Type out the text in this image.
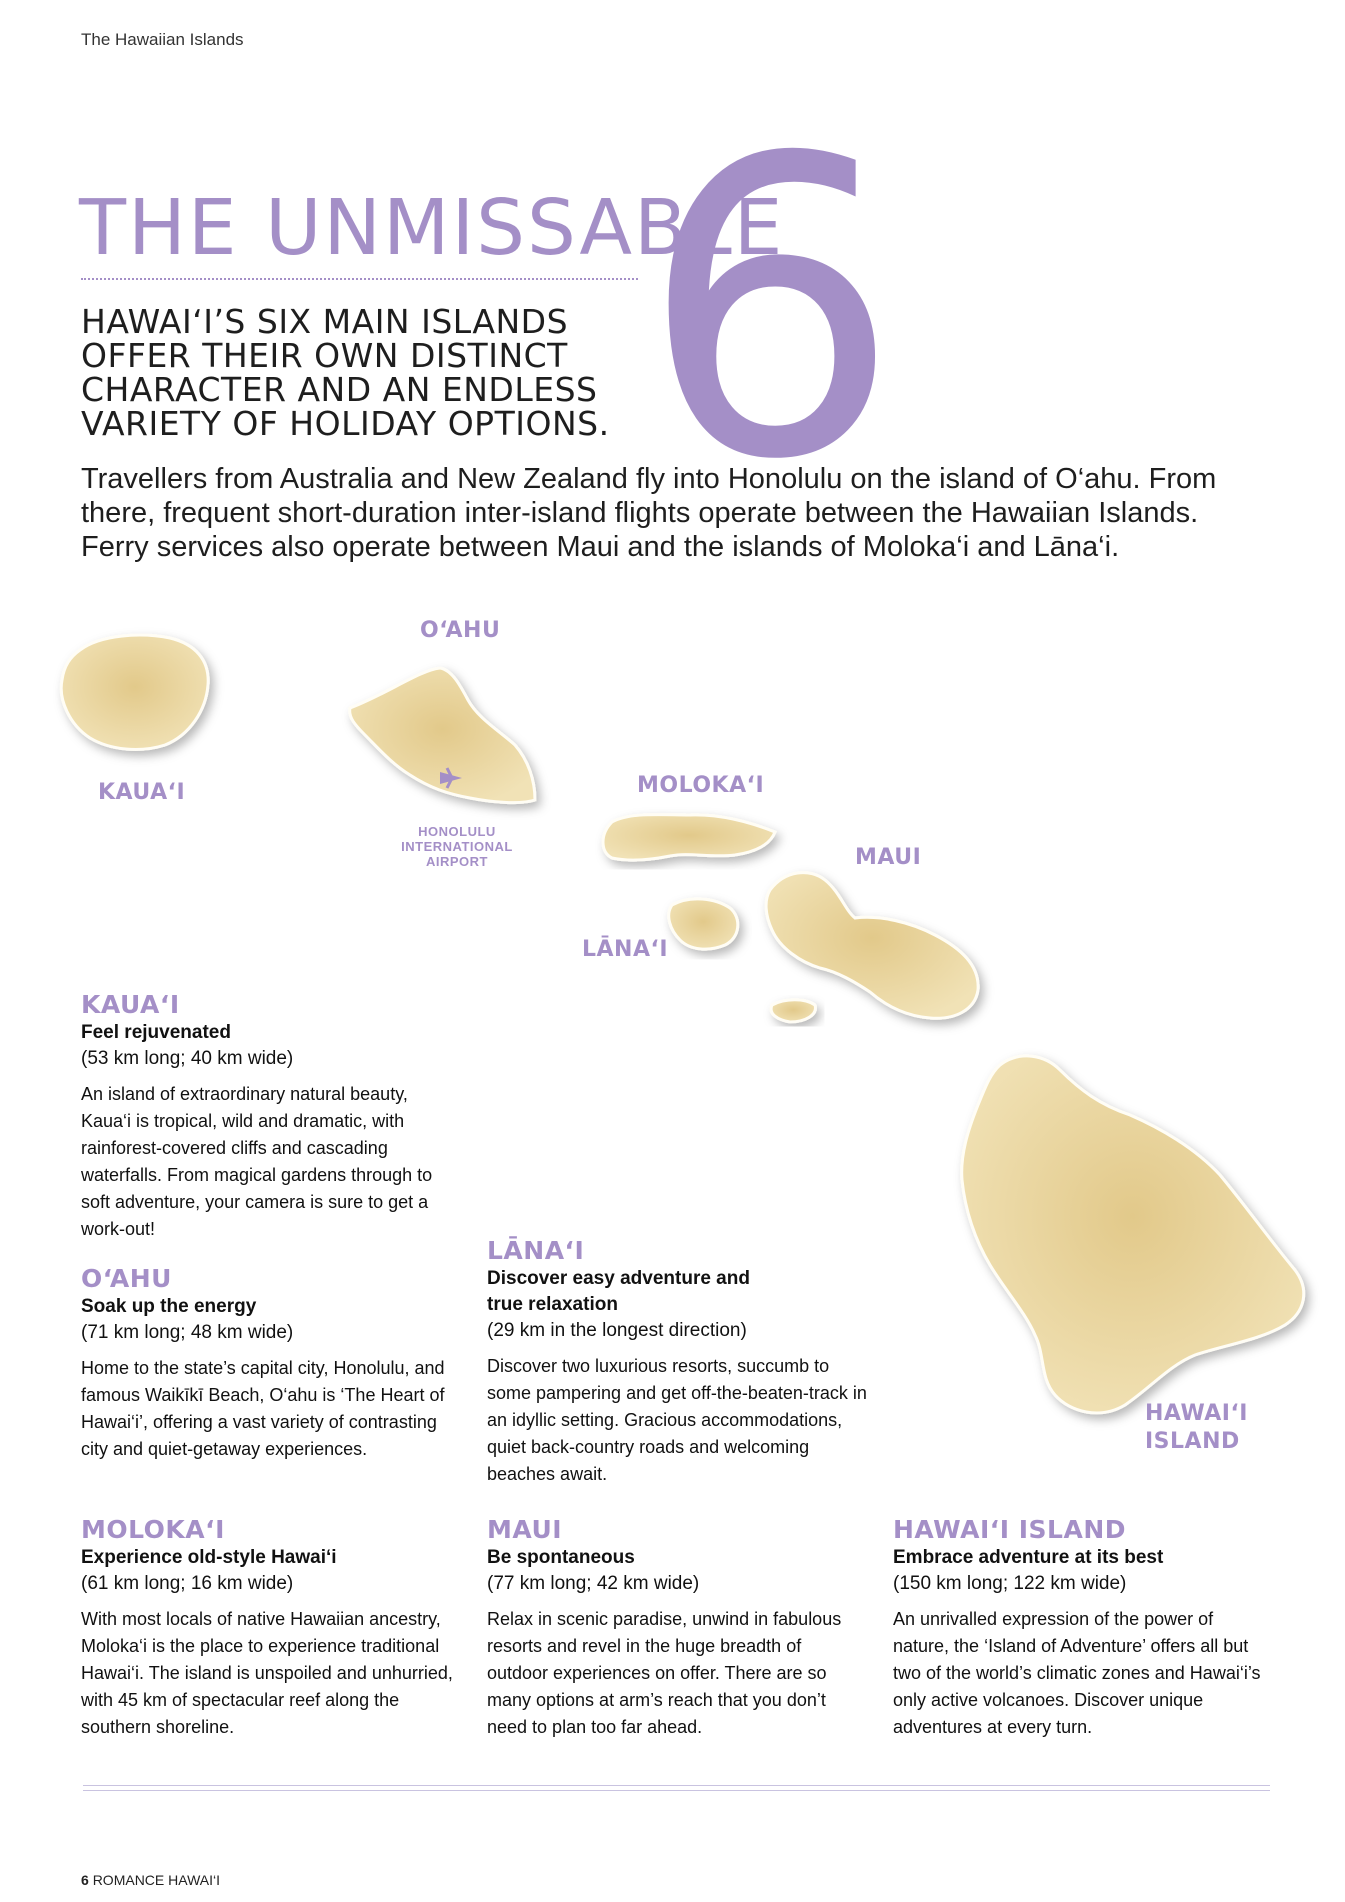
The Hawaiian Islands
THE UNMISSABLE
6
HAWAI‘I’S SIX MAIN ISLANDS
OFFER THEIR OWN DISTINCT
CHARACTER AND AN ENDLESS
VARIETY OF HOLIDAY OPTIONS.
Travellers from Australia and New Zealand fly into Honolulu on the island of O‘ahu. From there, frequent short-duration inter-island flights operate between the Hawaiian Islands. Ferry services also operate between Maui and the islands of Moloka‘i and Lāna‘i.
O‘AHU
KAUA‘I
HONOLULU
INTERNATIONAL
AIRPORT
MOLOKA‘I
MAUI
LĀNA‘I
HAWAI‘I
ISLAND
KAUA‘I
Feel rejuvenated
(53 km long; 40 km wide)
An island of extraordinary natural beauty, Kaua‘i is tropical, wild and dramatic, with rainforest-covered cliffs and cascading waterfalls. From magical gardens through to soft adventure, your camera is sure to get a work-out!
O‘AHU
Soak up the energy
(71 km long; 48 km wide)
Home to the state’s capital city, Honolulu, and famous Waikīkī Beach, O‘ahu is ‘The Heart of Hawai‘i’, offering a vast variety of contrasting city and quiet-getaway experiences.
MOLOKA‘I
Experience old-style Hawai‘i
(61 km long; 16 km wide)
With most locals of native Hawaiian ancestry, Moloka‘i is the place to experience traditional Hawai‘i. The island is unspoiled and unhurried, with 45 km of spectacular reef along the southern shoreline.
LĀNA‘I
Discover easy adventure and
true relaxation
(29 km in the longest direction)
Discover two luxurious resorts, succumb to some pampering and get off-the-beaten-track in an idyllic setting. Gracious accommodations, quiet back-country roads and welcoming beaches await.
MAUI
Be spontaneous
(77 km long; 42 km wide)
Relax in scenic paradise, unwind in fabulous resorts and revel in the huge breadth of outdoor experiences on offer. There are so many options at arm’s reach that you don’t need to plan too far ahead.
HAWAI‘I ISLAND
Embrace adventure at its best
(150 km long; 122 km wide)
An unrivalled expression of the power of nature, the ‘Island of Adventure’ offers all but two of the world’s climatic zones and Hawai‘i’s only active volcanoes. Discover unique adventures at every turn.
6 ROMANCE HAWAI‘I
